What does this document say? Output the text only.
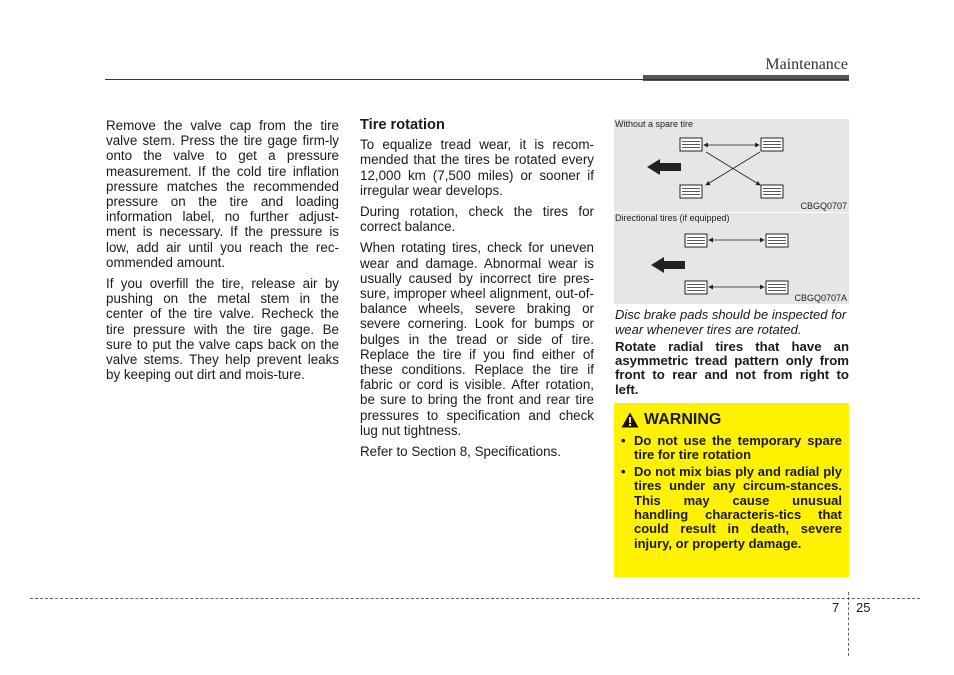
Maintenance

Remove the valve cap from the tire valve stem. Press the tire gage firm-ly onto the valve to get a pressure measurement. If the cold tire inflation pressure matches the recommended pressure on the tire and loading information label, no further adjust-ment is necessary. If the pressure is low, add air until you reach the rec-ommended amount.

If you overfill the tire, release air by pushing on the metal stem in the center of the tire valve. Recheck the tire pressure with the tire gage. Be sure to put the valve caps back on the valve stems. They help prevent leaks by keeping out dirt and mois-ture.

Tire rotation

To equalize tread wear, it is recom-mended that the tires be rotated every 12,000 km (7,500 miles) or sooner if irregular wear develops.

During rotation, check the tires for correct balance.

When rotating tires, check for uneven wear and damage. Abnormal wear is usually caused by incorrect tire pres-sure, improper wheel alignment, out-of-balance wheels, severe braking or severe cornering. Look for bumps or bulges in the tread or side of tire. Replace the tire if you find either of these conditions. Replace the tire if fabric or cord is visible. After rotation, be sure to bring the front and rear tire pressures to specification and check lug nut tightness.

Refer to Section 8, Specifications.

Without a spare tire
CBGQ0707
Directional tires (if equipped)
CBGQ0707A
Disc brake pads should be inspected for wear whenever tires are rotated.
Rotate radial tires that have an asymmetric tread pattern only from front to rear and not from right to left.
WARNING
• Do not use the temporary spare tire for tire rotation
• Do not mix bias ply and radial ply tires under any circum-stances. This may cause unusual handling characteris-tics that could result in death, severe injury, or property damage.
7 25
